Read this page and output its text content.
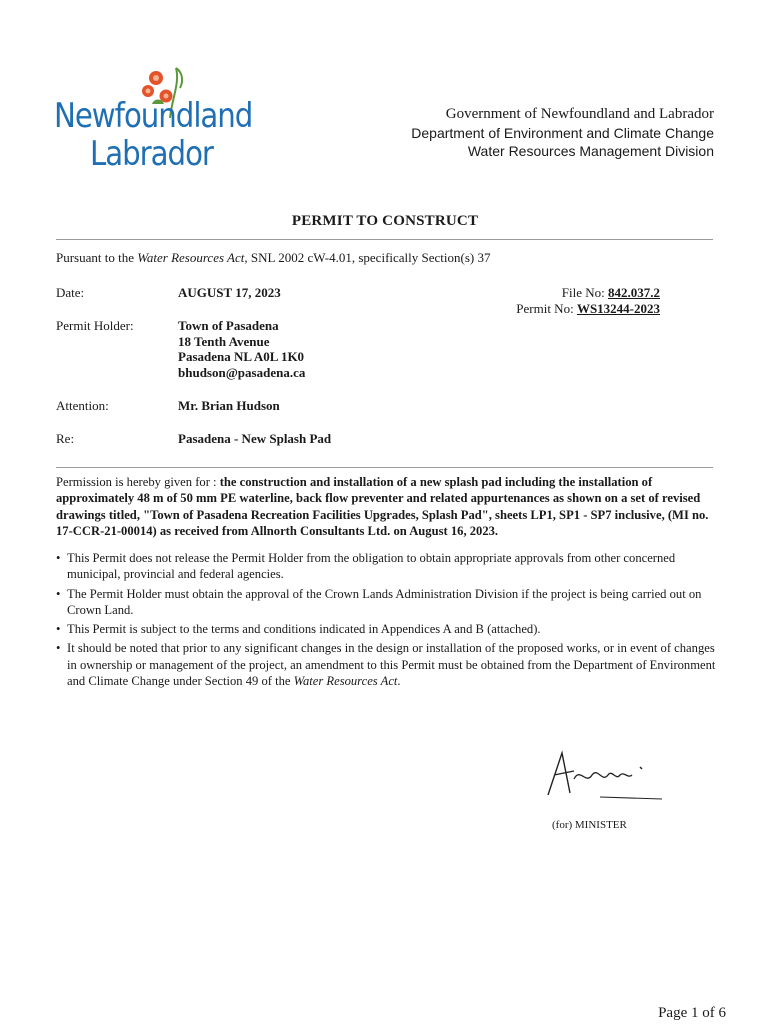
Newfoundland
Labrador
Government of Newfoundland and Labrador
Department of Environment and Climate Change
Water Resources Management Division
PERMIT TO CONSTRUCT
Pursuant to the Water Resources Act, SNL 2002 cW-4.01, specifically Section(s) 37
Date:	AUGUST 17, 2023	File No: 842.037.2
Permit No: WS13244-2023
Permit Holder:	Town of Pasadena
18 Tenth Avenue
Pasadena NL A0L 1K0
bhudson@pasadena.ca
Attention:	Mr. Brian Hudson
Re:	Pasadena - New Splash Pad
Permission is hereby given for : the construction and installation of a new splash pad including the installation of approximately 48 m of 50 mm PE waterline, back flow preventer and related appurtenances as shown on a set of revised drawings titled, "Town of Pasadena Recreation Facilities Upgrades, Splash Pad", sheets LP1, SP1 - SP7 inclusive, (MI no. 17-CCR-21-00014) as received from Allnorth Consultants Ltd. on August 16, 2023.
• This Permit does not release the Permit Holder from the obligation to obtain appropriate approvals from other concerned municipal, provincial and federal agencies.
• The Permit Holder must obtain the approval of the Crown Lands Administration Division if the project is being carried out on Crown Land.
• This Permit is subject to the terms and conditions indicated in Appendices A and B (attached).
• It should be noted that prior to any significant changes in the design or installation of the proposed works, or in event of changes in ownership or management of the project, an amendment to this Permit must be obtained from the Department of Environment and Climate Change under Section 49 of the Water Resources Act.
(for) MINISTER
Page 1 of 6
